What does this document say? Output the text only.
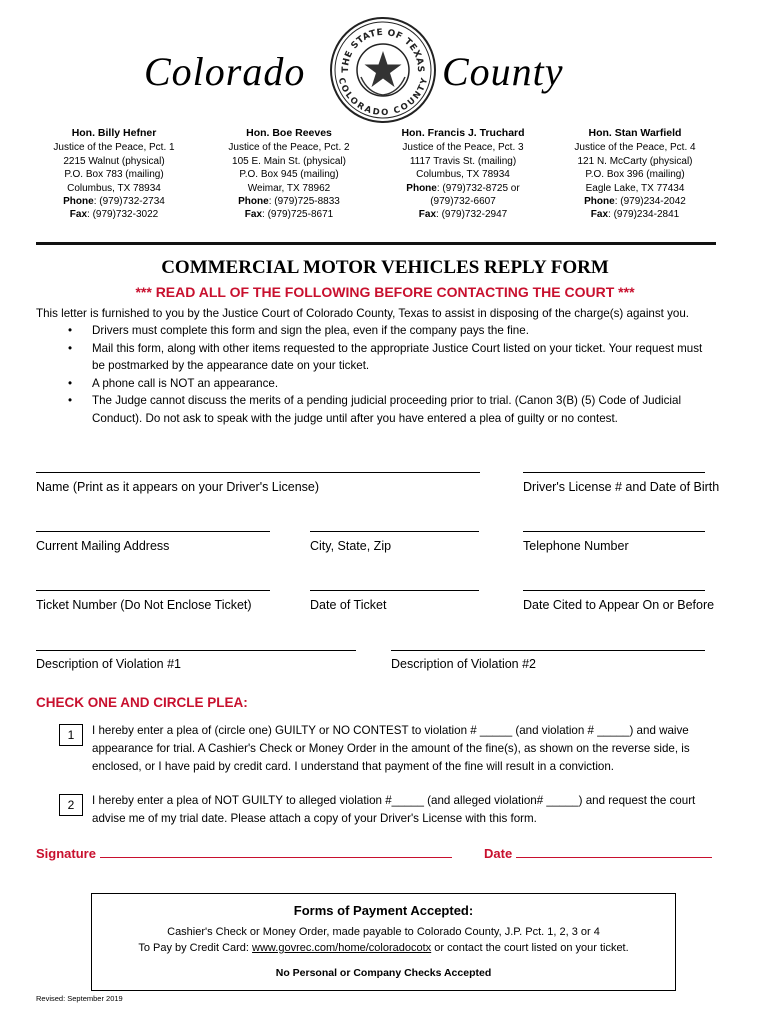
Colorado	County
THE STATE OF TEXAS
COLORADO COUNTY
Hon. Billy Hefner
Justice of the Peace, Pct. 1
2215 Walnut (physical)
P.O. Box 783 (mailing)
Columbus, TX 78934
Phone: (979)732-2734
Fax: (979)732-3022
Hon. Boe Reeves
Justice of the Peace, Pct. 2
105 E. Main St. (physical)
P.O. Box 945 (mailing)
Weimar, TX 78962
Phone: (979)725-8833
Fax: (979)725-8671
Hon. Francis J. Truchard
Justice of the Peace, Pct. 3
1117 Travis St. (mailing)
Columbus, TX 78934
Phone: (979)732-8725 or
(979)732-6607
Fax: (979)732-2947
Hon. Stan Warfield
Justice of the Peace, Pct. 4
121 N. McCarty (physical)
P.O. Box 396 (mailing)
Eagle Lake, TX 77434
Phone: (979)234-2042
Fax: (979)234-2841
COMMERCIAL MOTOR VEHICLES REPLY FORM
*** READ ALL OF THE FOLLOWING BEFORE CONTACTING THE COURT ***
This letter is furnished to you by the Justice Court of Colorado County, Texas to assist in disposing of the charge(s) against you.
• Drivers must complete this form and sign the plea, even if the company pays the fine.
• Mail this form, along with other items requested to the appropriate Justice Court listed on your ticket. Your request must be postmarked by the appearance date on your ticket.
• A phone call is NOT an appearance.
• The Judge cannot discuss the merits of a pending judicial proceeding prior to trial. (Canon 3(B) (5) Code of Judicial Conduct). Do not ask to speak with the judge until after you have entered a plea of guilty or no contest.
Name (Print as it appears on your Driver's License)	Driver's License # and Date of Birth
Current Mailing Address	City, State, Zip	Telephone Number
Ticket Number (Do Not Enclose Ticket)	Date of Ticket	Date Cited to Appear On or Before
Description of Violation #1	Description of Violation #2
CHECK ONE AND CIRCLE PLEA:
1	I hereby enter a plea of (circle one) GUILTY or NO CONTEST to violation # _____ (and violation # _____) and waive appearance for trial. A Cashier's Check or Money Order in the amount of the fine(s), as shown on the reverse side, is enclosed, or I have paid by credit card. I understand that payment of the fine will result in a conviction.
2	I hereby enter a plea of NOT GUILTY to alleged violation #_____ (and alleged violation# _____) and request the court advise me of my trial date. Please attach a copy of your Driver's License with this form.
Signature	Date
Forms of Payment Accepted:
Cashier's Check or Money Order, made payable to Colorado County, J.P. Pct. 1, 2, 3 or 4
To Pay by Credit Card: www.govrec.com/home/coloradocotx or contact the court listed on your ticket.
No Personal or Company Checks Accepted
Revised: September 2019
